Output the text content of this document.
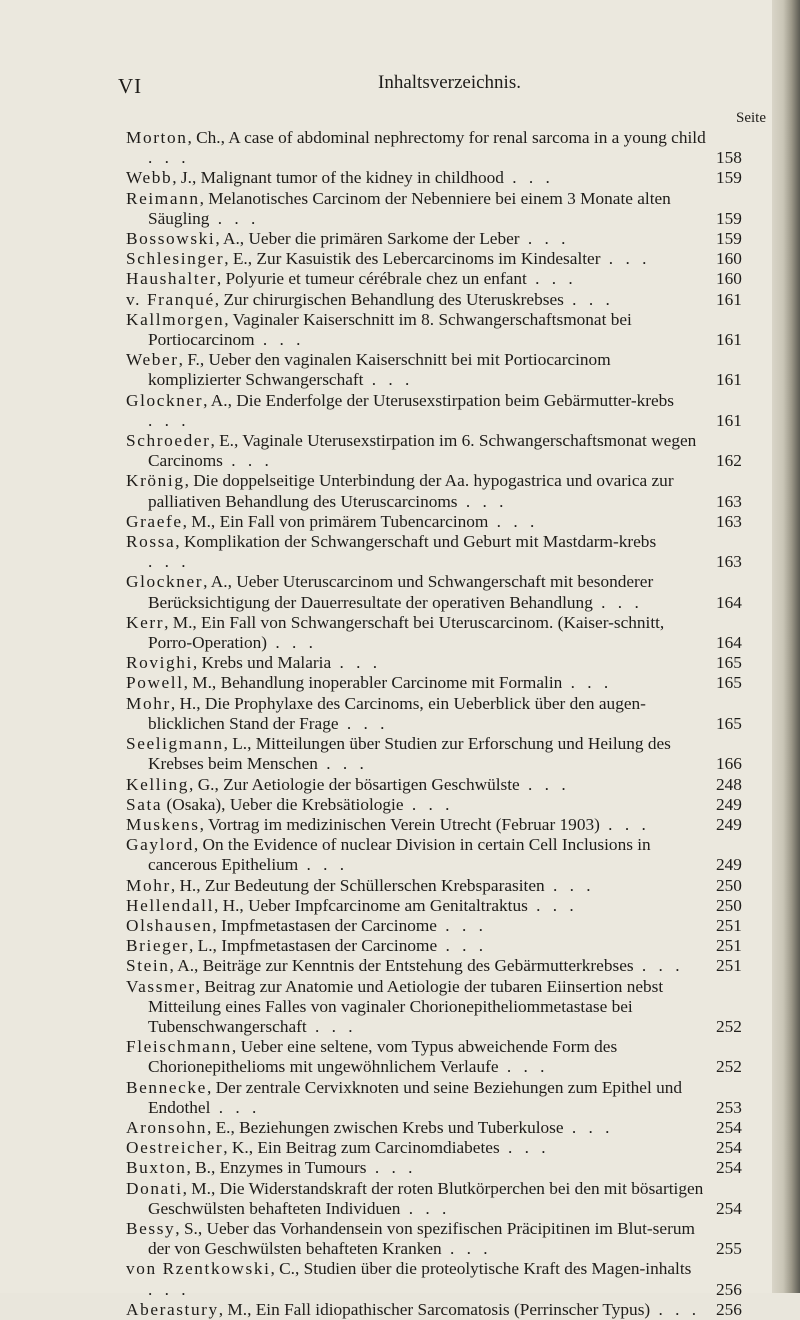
VI	Inhaltsverzeichnis.
Seite
Morton, Ch., A case of abdominal nephrectomy for renal sarcoma in a young child . . .	158
Webb, J., Malignant tumor of the kidney in childhood . . .	159
Reimann, Melanotisches Carcinom der Nebenniere bei einem 3 Monate alten Säugling . . .	159
Bossowski, A., Ueber die primären Sarkome der Leber . . .	159
Schlesinger, E., Zur Kasuistik des Lebercarcinoms im Kindesalter . . .	160
Haushalter, Polyurie et tumeur cérébrale chez un enfant . . .	160
v. Franqué, Zur chirurgischen Behandlung des Uteruskrebses . . .	161
Kallmorgen, Vaginaler Kaiserschnitt im 8. Schwangerschaftsmonat bei Portiocarcinom . . .	161
Weber, F., Ueber den vaginalen Kaiserschnitt bei mit Portiocarcinom komplizierter Schwangerschaft . . .	161
Glockner, A., Die Enderfolge der Uterusexstirpation beim Gebärmutter-krebs . . .	161
Schroeder, E., Vaginale Uterusexstirpation im 6. Schwangerschaftsmonat wegen Carcinoms . . .	162
Krönig, Die doppelseitige Unterbindung der Aa. hypogastrica und ovarica zur palliativen Behandlung des Uteruscarcinoms . . .	163
Graefe, M., Ein Fall von primärem Tubencarcinom . . .	163
Rossa, Komplikation der Schwangerschaft und Geburt mit Mastdarm-krebs . . .	163
Glockner, A., Ueber Uteruscarcinom und Schwangerschaft mit besonderer Berücksichtigung der Dauerresultate der operativen Behandlung . . .	164
Kerr, M., Ein Fall von Schwangerschaft bei Uteruscarcinom. (Kaiser-schnitt, Porro-Operation) . . .	164
Rovighi, Krebs und Malaria . . .	165
Powell, M., Behandlung inoperabler Carcinome mit Formalin . . .	165
Mohr, H., Die Prophylaxe des Carcinoms, ein Ueberblick über den augen-blicklichen Stand der Frage . . .	165
Seeligmann, L., Mitteilungen über Studien zur Erforschung und Heilung des Krebses beim Menschen . . .	166
Kelling, G., Zur Aetiologie der bösartigen Geschwülste . . .	248
Sata (Osaka), Ueber die Krebsätiologie . . .	249
Muskens, Vortrag im medizinischen Verein Utrecht (Februar 1903) . . .	249
Gaylord, On the Evidence of nuclear Division in certain Cell Inclusions in cancerous Epithelium . . .	249
Mohr, H., Zur Bedeutung der Schüllerschen Krebsparasiten . . .	250
Hellendall, H., Ueber Impfcarcinome am Genitaltraktus . . .	250
Olshausen, Impfmetastasen der Carcinome . . .	251
Brieger, L., Impfmetastasen der Carcinome . . .	251
Stein, A., Beiträge zur Kenntnis der Entstehung des Gebärmutterkrebses . . . 251
Vassmer, Beitrag zur Anatomie und Aetiologie der tubaren Eiinsertion nebst Mitteilung eines Falles von vaginaler Chorionepitheliommetastase bei Tubenschwangerschaft . . .	252
Fleischmann, Ueber eine seltene, vom Typus abweichende Form des Chorionepithelioms mit ungewöhnlichem Verlaufe . . .	252
Bennecke, Der zentrale Cervixknoten und seine Beziehungen zum Epithel und Endothel . . .	253
Aronsohn, E., Beziehungen zwischen Krebs und Tuberkulose . . .	254
Oestreicher, K., Ein Beitrag zum Carcinomdiabetes . . .	254
Buxton, B., Enzymes in Tumours . . .	254
Donati, M., Die Widerstandskraft der roten Blutkörperchen bei den mit bösartigen Geschwülsten behafteten Individuen . . .	254
Bessy, S., Ueber das Vorhandensein von spezifischen Präcipitinen im Blut-serum der von Geschwülsten behafteten Kranken . . .	255
von Rzentkowski, C., Studien über die proteolytische Kraft des Magen-inhalts . . .	256
Aberastury, M., Ein Fall idiopathischer Sarcomatosis (Perrinscher Typus) . . . 256
